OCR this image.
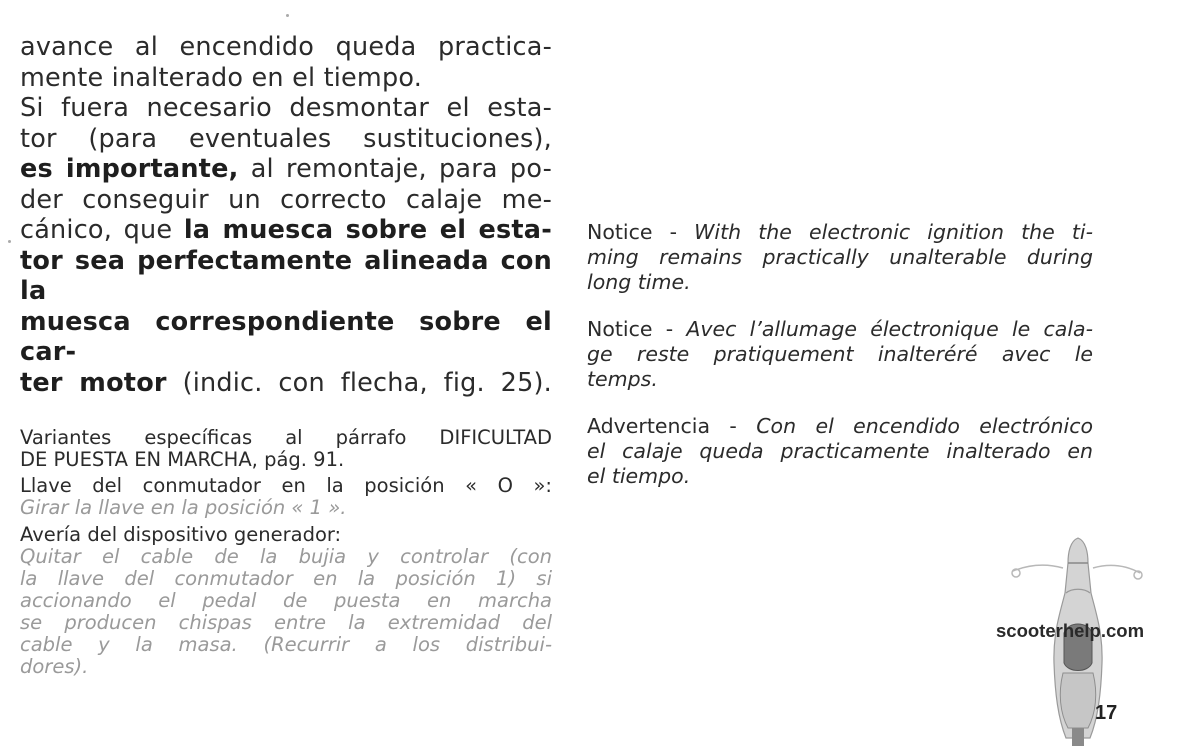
avance al encendido queda practica-

mente inalterado en el tiempo.

Si fuera necesario desmontar el esta-

tor (para eventuales sustituciones),

es importante, al remontaje, para po-

der conseguir un correcto calaje me-

cánico, que la muesca sobre el esta-

tor sea perfectamente alineada con la

muesca correspondiente sobre el car-

ter motor (indic. con flecha, fig. 25).

Variantes específicas al párrafo DIFICULTAD

DE PUESTA EN MARCHA, pág. 91.

Llave del conmutador en la posición « O »:

Girar la llave en la posición « 1 ».

Avería del dispositivo generador:

Quitar el cable de la bujia y controlar (con

la llave del conmutador en la posición 1) si

accionando el pedal de puesta en marcha

se producen chispas entre la extremidad del

cable y la masa. (Recurrir a los distribui-

dores).

Notice - With the electronic ignition the ti-
ming remains practically unalterable during
long time.
Notice - Avec l’allumage électronique le cala-
ge reste pratiquement inalteréré avec le
temps.
Advertencia - Con el encendido electrónico
el calaje queda practicamente inalterado en
el tiempo.
scooterhelp.com
17
